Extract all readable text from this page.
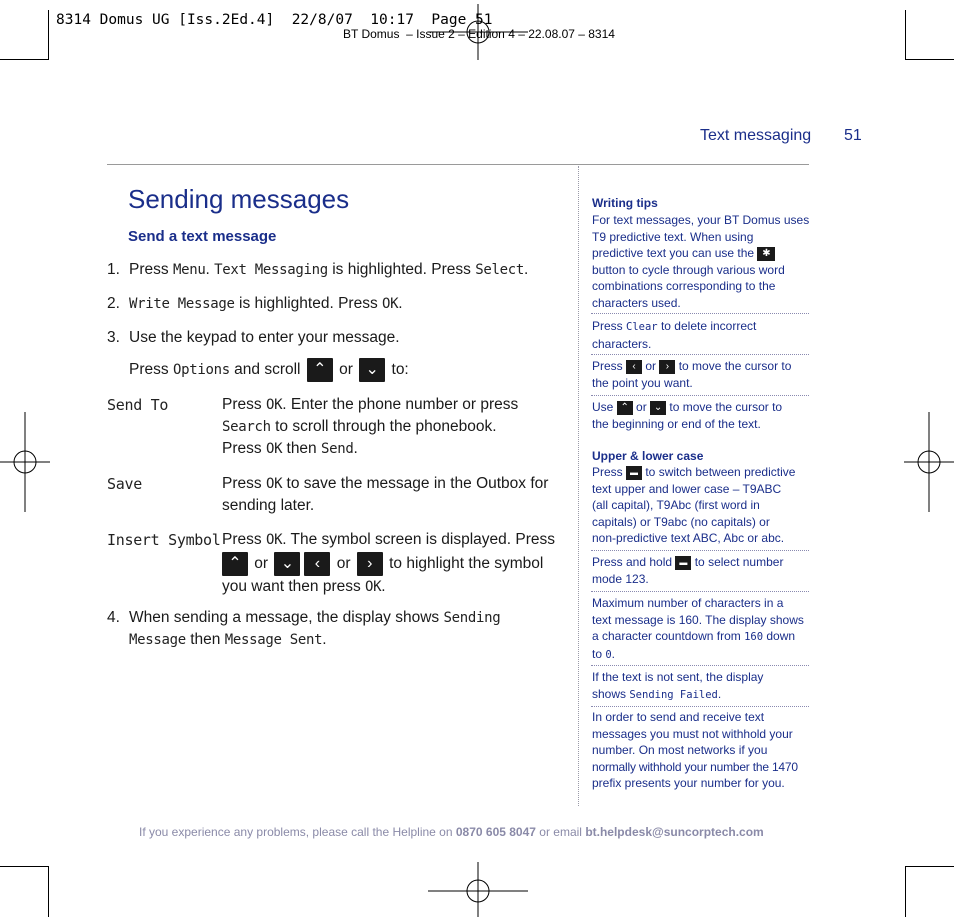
8314 Domus UG [Iss.2Ed.4]  22/8/07  10:17  Page 51
BT Domus  – Issue 2 – Edition 4 – 22.08.07 – 8314
Text messaging 51
Sending messages
Send a text message
1. Press Menu. Text Messaging is highlighted. Press Select.
2. Write Message is highlighted. Press OK.
3. Use the keypad to enter your message.
Press Options and scroll ⌃ or ⌄ to:
Send To	Press OK. Enter the phone number or press
Search to scroll through the phonebook.
Press OK then Send.
Save	Press OK to save the message in the Outbox for
sending later.
Insert Symbol Press OK. The symbol screen is displayed. Press
⌃ or ⌄ ‹ or › to highlight the symbol
you want then press OK.
4. When sending a message, the display shows Sending
Message then Message Sent.
Writing tips
For text messages, your BT Domus uses
T9 predictive text. When using
predictive text you can use the ✱
button to cycle through various word
combinations corresponding to the
characters used.
Press Clear to delete incorrect
characters.
Press ‹ or › to move the cursor to
the point you want.
Use ⌃ or ⌄ to move the cursor to
the beginning or end of the text.
Upper & lower case
Press ▬ to switch between predictive
text upper and lower case – T9ABC
(all capital), T9Abc (first word in
capitals) or T9abc (no capitals) or
non-predictive text ABC, Abc or abc.
Press and hold ▬ to select number
mode 123.
Maximum number of characters in a
text message is 160. The display shows
a character countdown from 160 down
to 0.
If the text is not sent, the display
shows Sending Failed.
In order to send and receive text
messages you must not withhold your
number. On most networks if you
normally withhold your number the 1470
prefix presents your number for you.
If you experience any problems, please call the Helpline on 0870 605 8047 or email bt.helpdesk@suncorptech.com
